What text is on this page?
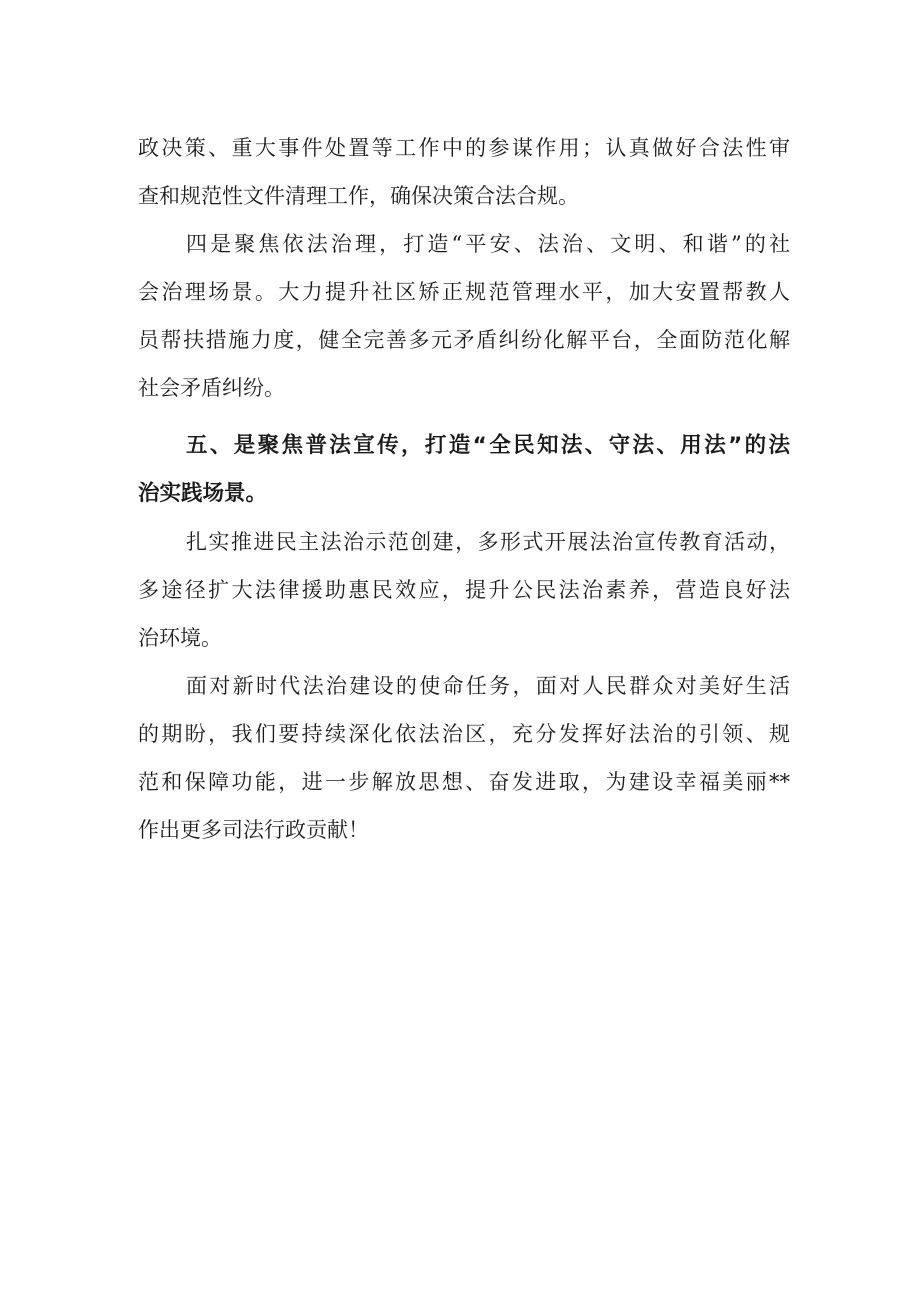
政决策、重大事件处置等工作中的参谋作用；认真做好合法性审
查和规范性文件清理工作，确保决策合法合规。
四是聚焦依法治理，打造“平安、法治、文明、和谐”的社
会治理场景。大力提升社区矫正规范管理水平，加大安置帮教人
员帮扶措施力度，健全完善多元矛盾纠纷化解平台，全面防范化解
社会矛盾纠纷。
五、是聚焦普法宣传，打造“全民知法、守法、用法”的法
治实践场景。
扎实推进民主法治示范创建，多形式开展法治宣传教育活动，
多途径扩大法律援助惠民效应，提升公民法治素养，营造良好法
治环境。
面对新时代法治建设的使命任务，面对人民群众对美好生活
的期盼，我们要持续深化依法治区，充分发挥好法治的引领、规
范和保障功能，进一步解放思想、奋发进取，为建设幸福美丽**
作出更多司法行政贡献！
